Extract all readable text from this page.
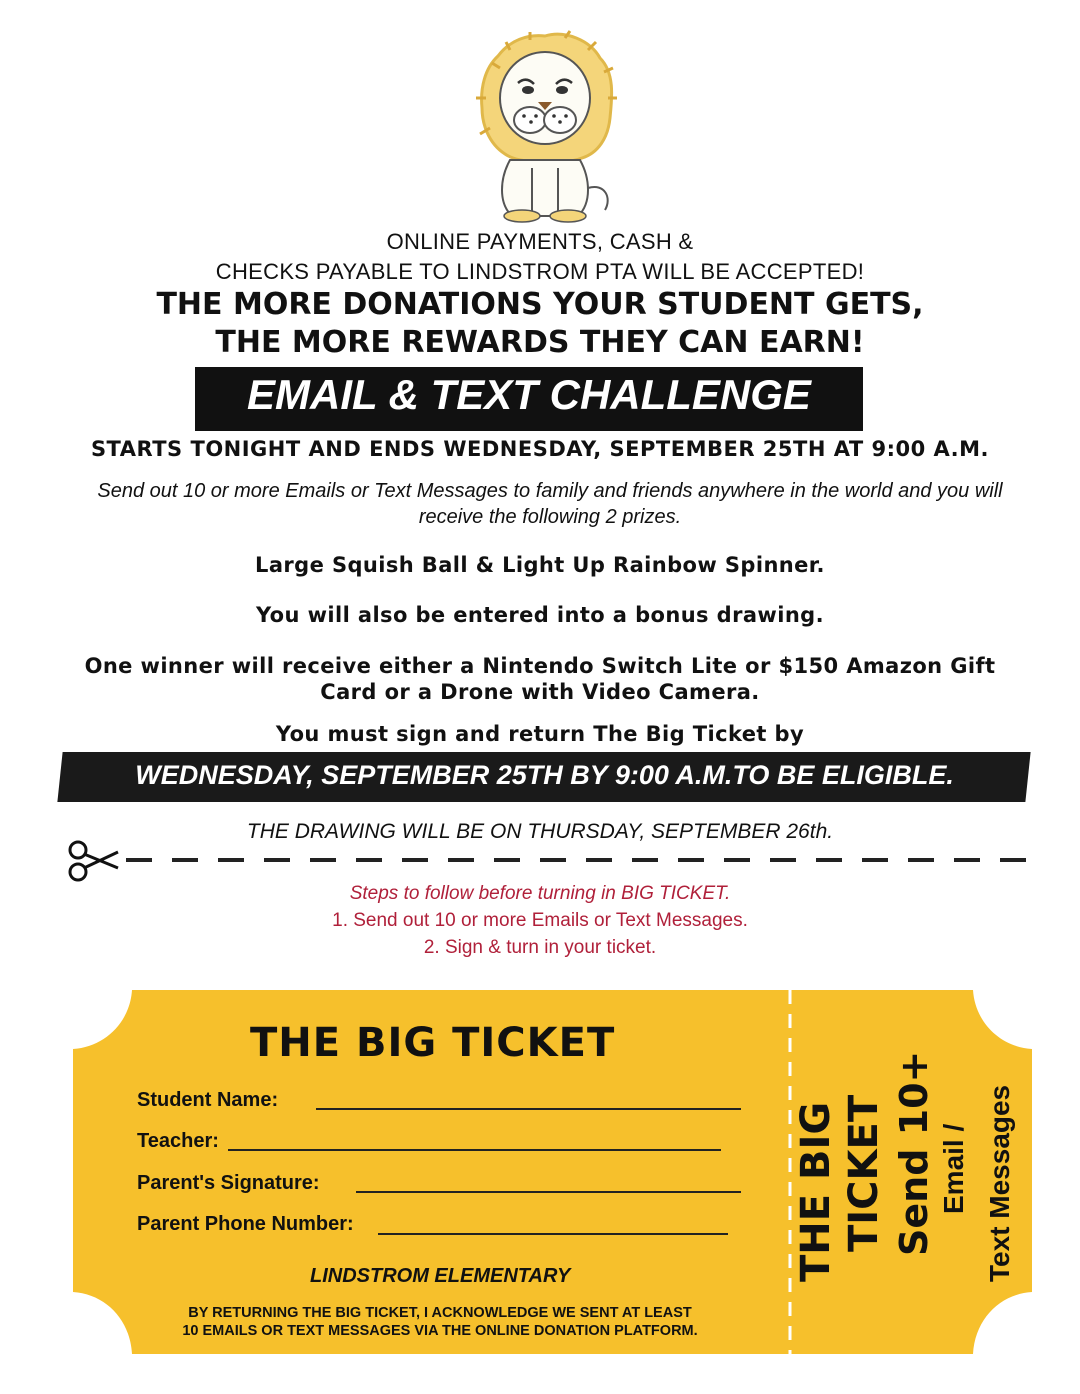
ONLINE PAYMENTS, CASH &
CHECKS PAYABLE TO LINDSTROM PTA WILL BE ACCEPTED!
THE MORE DONATIONS YOUR STUDENT GETS,
THE MORE REWARDS THEY CAN EARN!
EMAIL & TEXT CHALLENGE
STARTS TONIGHT AND ENDS WEDNESDAY, SEPTEMBER 25TH AT 9:00 A.M.
Send out 10 or more Emails or Text Messages to family and friends anywhere in the world and you will receive the following 2 prizes.
Large Squish Ball & Light Up Rainbow Spinner.
You will also be entered into a bonus drawing.
One winner will receive either a Nintendo Switch Lite or $150 Amazon Gift Card or a Drone with Video Camera.
You must sign and return The Big Ticket by
WEDNESDAY, SEPTEMBER 25TH BY 9:00 A.M.TO BE ELIGIBLE.
THE DRAWING WILL BE ON THURSDAY, SEPTEMBER 26th.
Steps to follow before turning in BIG TICKET.
1. Send out 10 or more Emails or Text Messages.
2. Sign & turn in your ticket.
THE BIG TICKET
Student Name:
Teacher:
Parent's Signature:
Parent Phone Number:
LINDSTROM ELEMENTARY
BY RETURNING THE BIG TICKET, I ACKNOWLEDGE WE SENT AT LEAST
10 EMAILS OR TEXT MESSAGES VIA THE ONLINE DONATION PLATFORM.
THE BIG TICKET Send 10+ Email / Text Messages
